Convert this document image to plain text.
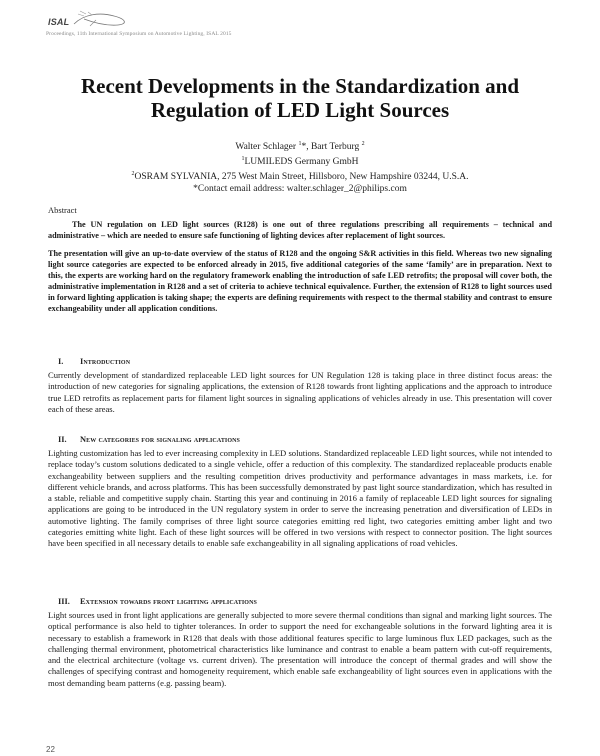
ISAL
Proceedings, 11th International Symposium on Automotive Lighting, ISAL 2015
Recent Developments in the Standardization and
Regulation of LED Light Sources
Walter Schlager $^1$*, Bart Terburg $^2$
$^1$LUMILEDS Germany GmbH
$^2$OSRAM SYLVANIA, 275 West Main Street, Hillsboro, New Hampshire 03244, U.S.A.
*Contact email address: walter.schlager_2@philips.com
Abstract
The UN regulation on LED light sources (R128) is one out of three regulations prescribing all requirements – technical and administrative – which are needed to ensure safe functioning of lighting devices after replacement of light sources.
The presentation will give an up-to-date overview of the status of R128 and the ongoing S&R activities in this field. Whereas two new signaling light source categories are expected to be enforced already in 2015, five additional categories of the same ‘family’ are in preparation. Next to this, the experts are working hard on the regulatory framework enabling the introduction of safe LED retrofits; the proposal will cover both, the administrative implementation in R128 and a set of criteria to achieve technical equivalence. Further, the extension of R128 to light sources used in forward lighting application is taking shape; the experts are defining requirements with respect to the thermal stability and contrast to ensure exchangeability under all application conditions.
I. Introduction
Currently development of standardized replaceable LED light sources for UN Regulation 128 is taking place in three distinct focus areas: the introduction of new categories for signaling applications, the extension of R128 towards front lighting applications and the approach to introduce true LED retrofits as replacement parts for filament light sources in signaling applications of vehicles already in use. This presentation will cover each of these areas.
II. New categories for signaling applications
Lighting customization has led to ever increasing complexity in LED solutions. Standardized replaceable LED light sources, while not intended to replace today’s custom solutions dedicated to a single vehicle, offer a reduction of this complexity. The standardized replaceable products enable exchangeability between suppliers and the resulting competition drives productivity and performance advantages in mass markets, i.e. for different vehicle brands, and across platforms. This has been successfully demonstrated by past light source standardization, which has resulted in a stable, reliable and competitive supply chain. Starting this year and continuing in 2016 a family of replaceable LED light sources for signaling applications are going to be introduced in the UN regulatory system in order to serve the increasing penetration and diversification of LEDs in automotive lighting. The family comprises of three light source categories emitting red light, two categories emitting amber light and two categories emitting white light. Each of these light sources will be offered in two versions with respect to connector position. The light sources have been specified in all necessary details to enable safe exchangeability in all signaling applications of road vehicles.
III. Extension towards front lighting applications
Light sources used in front light applications are generally subjected to more severe thermal conditions than signal and marking light sources. The optical performance is also held to tighter tolerances. In order to support the need for exchangeable solutions in the forward lighting area it is necessary to establish a framework in R128 that deals with those additional features specific to large luminous flux LED packages, such as the challenging thermal environment, photometrical characteristics like luminance and contrast to enable a beam pattern with cut-off requirements, and the electrical architecture (voltage vs. current driven). The presentation will introduce the concept of thermal grades and will show the challenges of specifying contrast and homogeneity requirement, which enable safe exchangeability of light sources even in applications with the most demanding beam patterns (e.g. passing beam).
22
